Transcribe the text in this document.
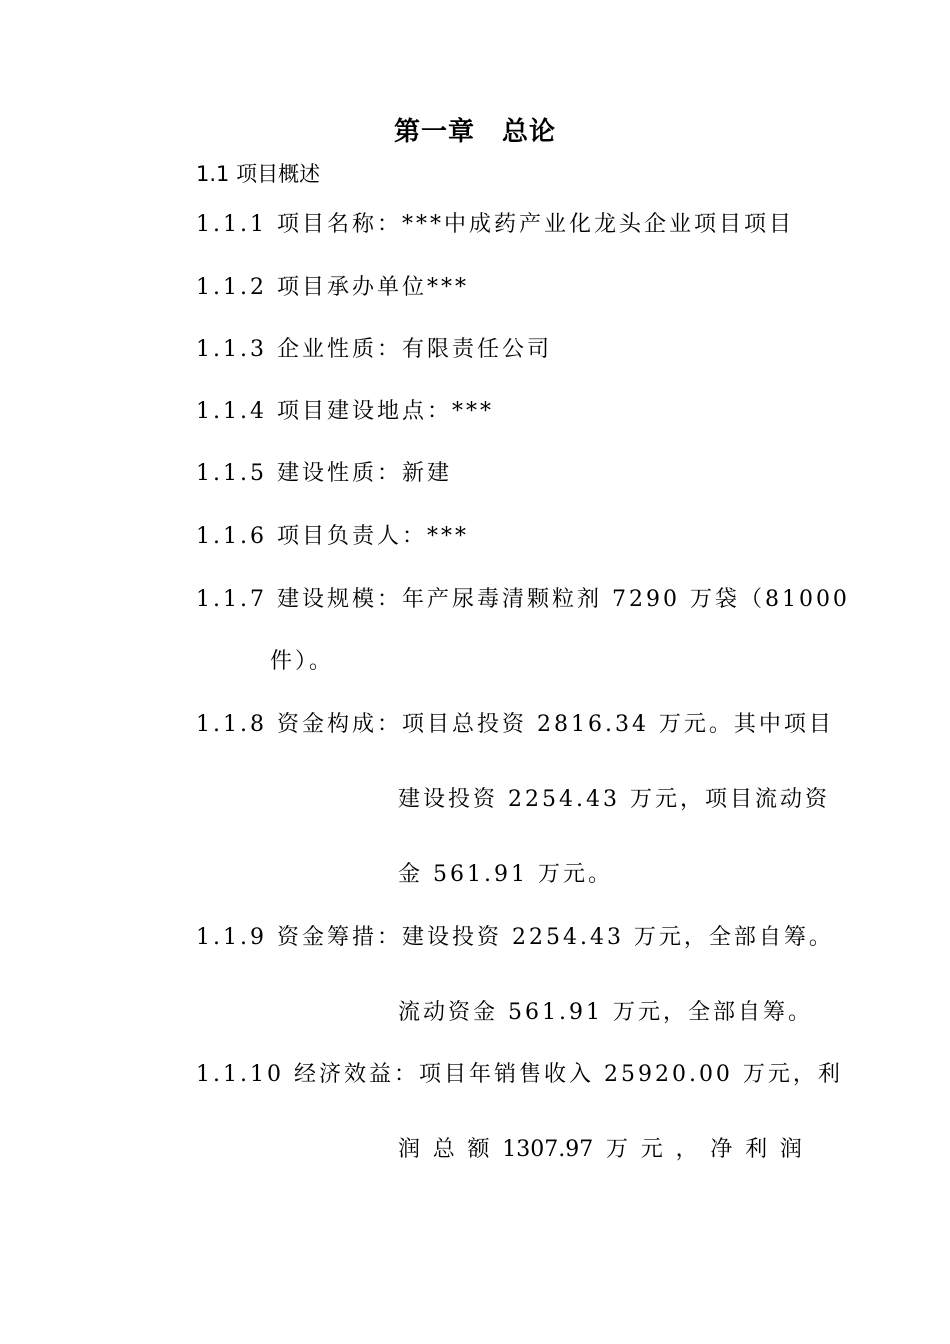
第一章　总论
1.1 项目概述
1.1.1 项目名称：***中成药产业化龙头企业项目项目
1.1.2 项目承办单位***
1.1.3 企业性质：有限责任公司
1.1.4 项目建设地点：***
1.1.5 建设性质：新建
1.1.6 项目负责人：***
1.1.7 建设规模：年产尿毒清颗粒剂 7290 万袋（81000
件）。
1.1.8 资金构成：项目总投资 2816.34 万元。其中项目
建设投资 2254.43 万元，项目流动资
金 561.91 万元。
1.1.9 资金筹措：建设投资 2254.43 万元，全部自筹。
流动资金 561.91 万元，全部自筹。
1.1.10 经济效益：项目年销售收入 25920.00 万元，利
润 总 额 1307.97 万 元 ， 净 利 润
